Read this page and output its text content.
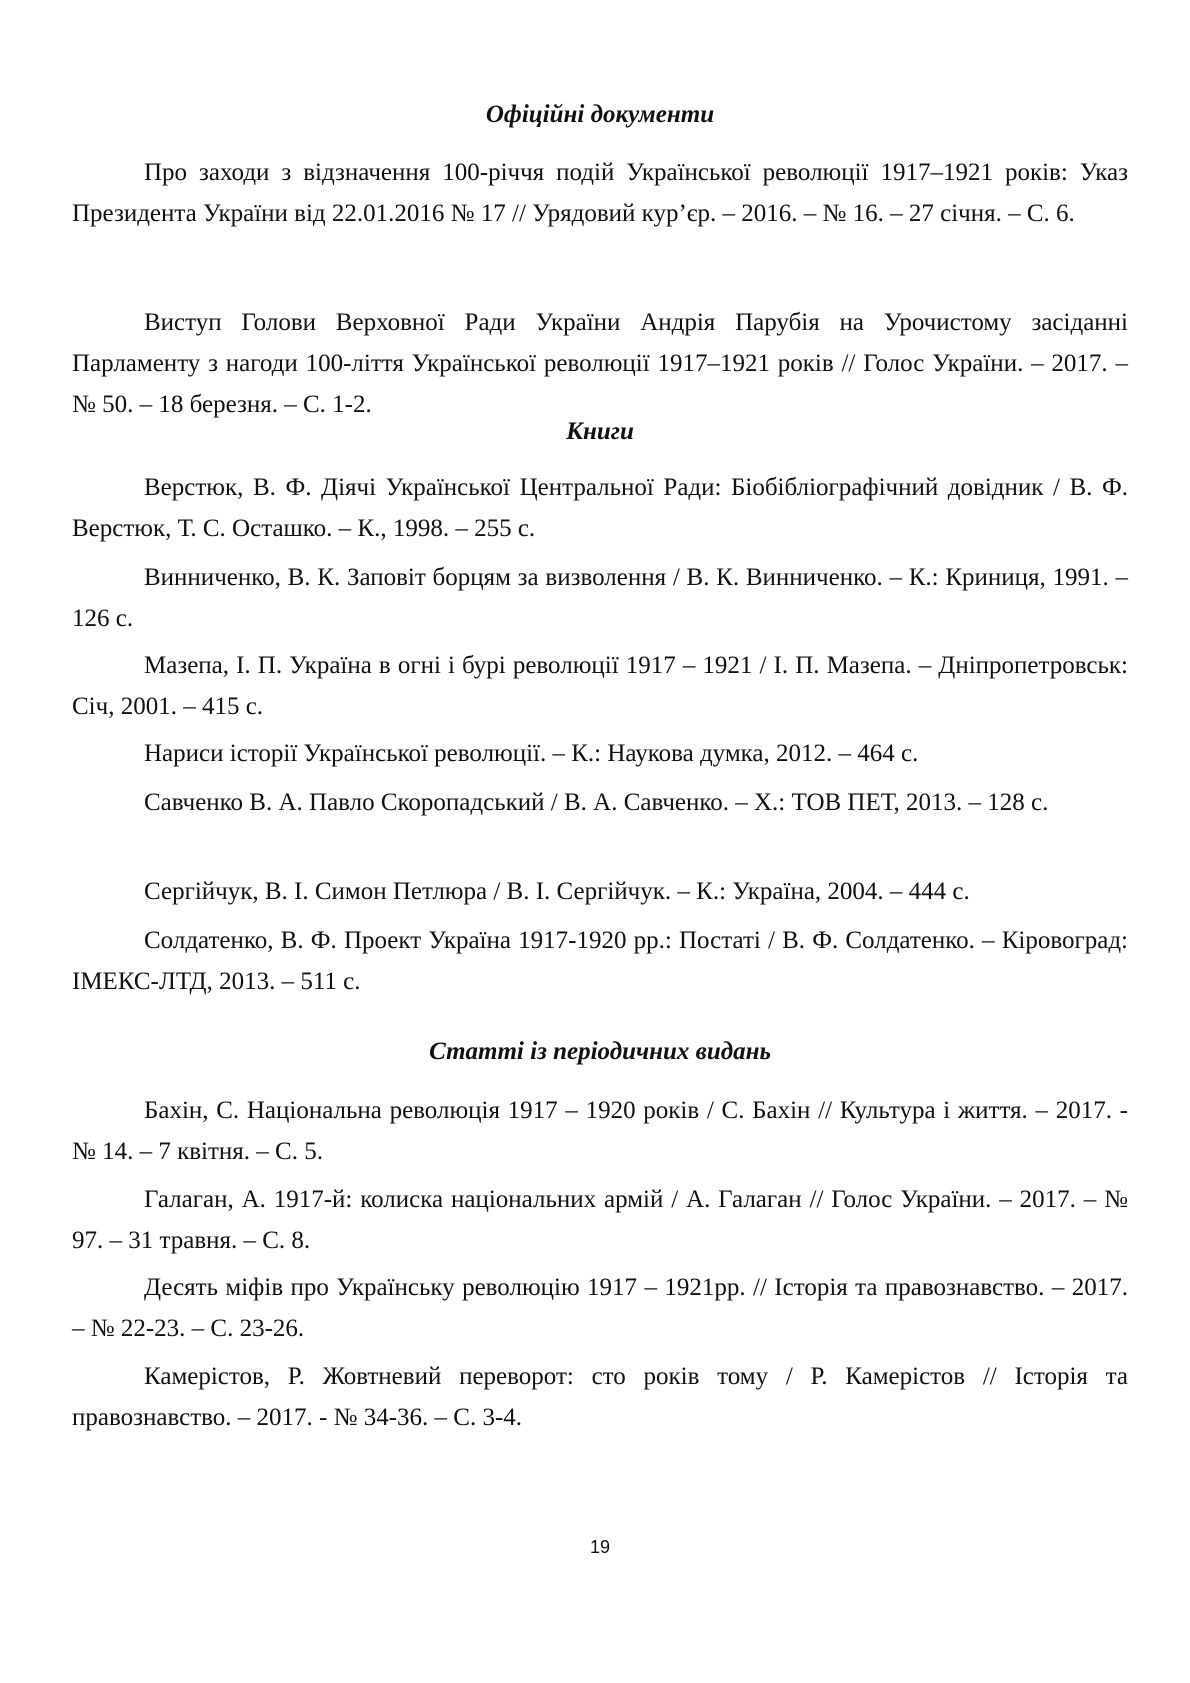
Офіційні документи

Про заходи з відзначення 100-річчя подій Української революції 1917–1921 років: Указ Президента України від 22.01.2016 № 17 // Урядовий кур’єр. – 2016. – № 16. – 27 січня. – С. 6.

Виступ Голови Верховної Ради України Андрія Парубія на Урочистому засіданні Парламенту з нагоди 100-ліття Української революції 1917–1921 років // Голос України. – 2017. – № 50. – 18 березня. – С. 1-2.

Книги

Верстюк, В. Ф. Діячі Української Центральної Ради: Біобібліографічний довідник / В. Ф. Верстюк, Т. С. Осташко. – К., 1998. – 255 с.

Винниченко, В. К. Заповіт борцям за визволення / В. К. Винниченко. – К.: Криниця, 1991. – 126 с.

Мазепа, І. П. Україна в огні і бурі революції 1917 – 1921 / І. П. Мазепа. – Дніпропетровськ: Січ, 2001. – 415 с.

Нариси історії Української революції. – К.: Наукова думка, 2012. – 464 с.

Савченко В. А. Павло Скоропадський / В. А. Савченко. – Х.: ТОВ ПЕТ, 2013. – 128 с.

Сергійчук, В. І. Симон Петлюра / В. І. Сергійчук. – К.: Україна, 2004. – 444 с.

Солдатенко, В. Ф. Проект Україна 1917-1920 рр.: Постаті / В. Ф. Солдатенко. – Кіровоград: ІМЕКС-ЛТД, 2013. – 511 с.

Статті із періодичних видань

Бахін, С. Національна революція 1917 – 1920 років / С. Бахін // Культура і життя. – 2017. - № 14. – 7 квітня. – С. 5.

Галаган, А. 1917-й: колиска національних армій / А. Галаган // Голос України. – 2017. – № 97. – 31 травня. – С. 8.

Десять міфів про Українську революцію 1917 – 1921рр. // Історія та правознавство. – 2017. – № 22-23. – С. 23-26.

Камерістов, Р. Жовтневий переворот: сто років тому / Р. Камерістов // Історія та правознавство. – 2017. - № 34-36. – С. 3-4.

19
